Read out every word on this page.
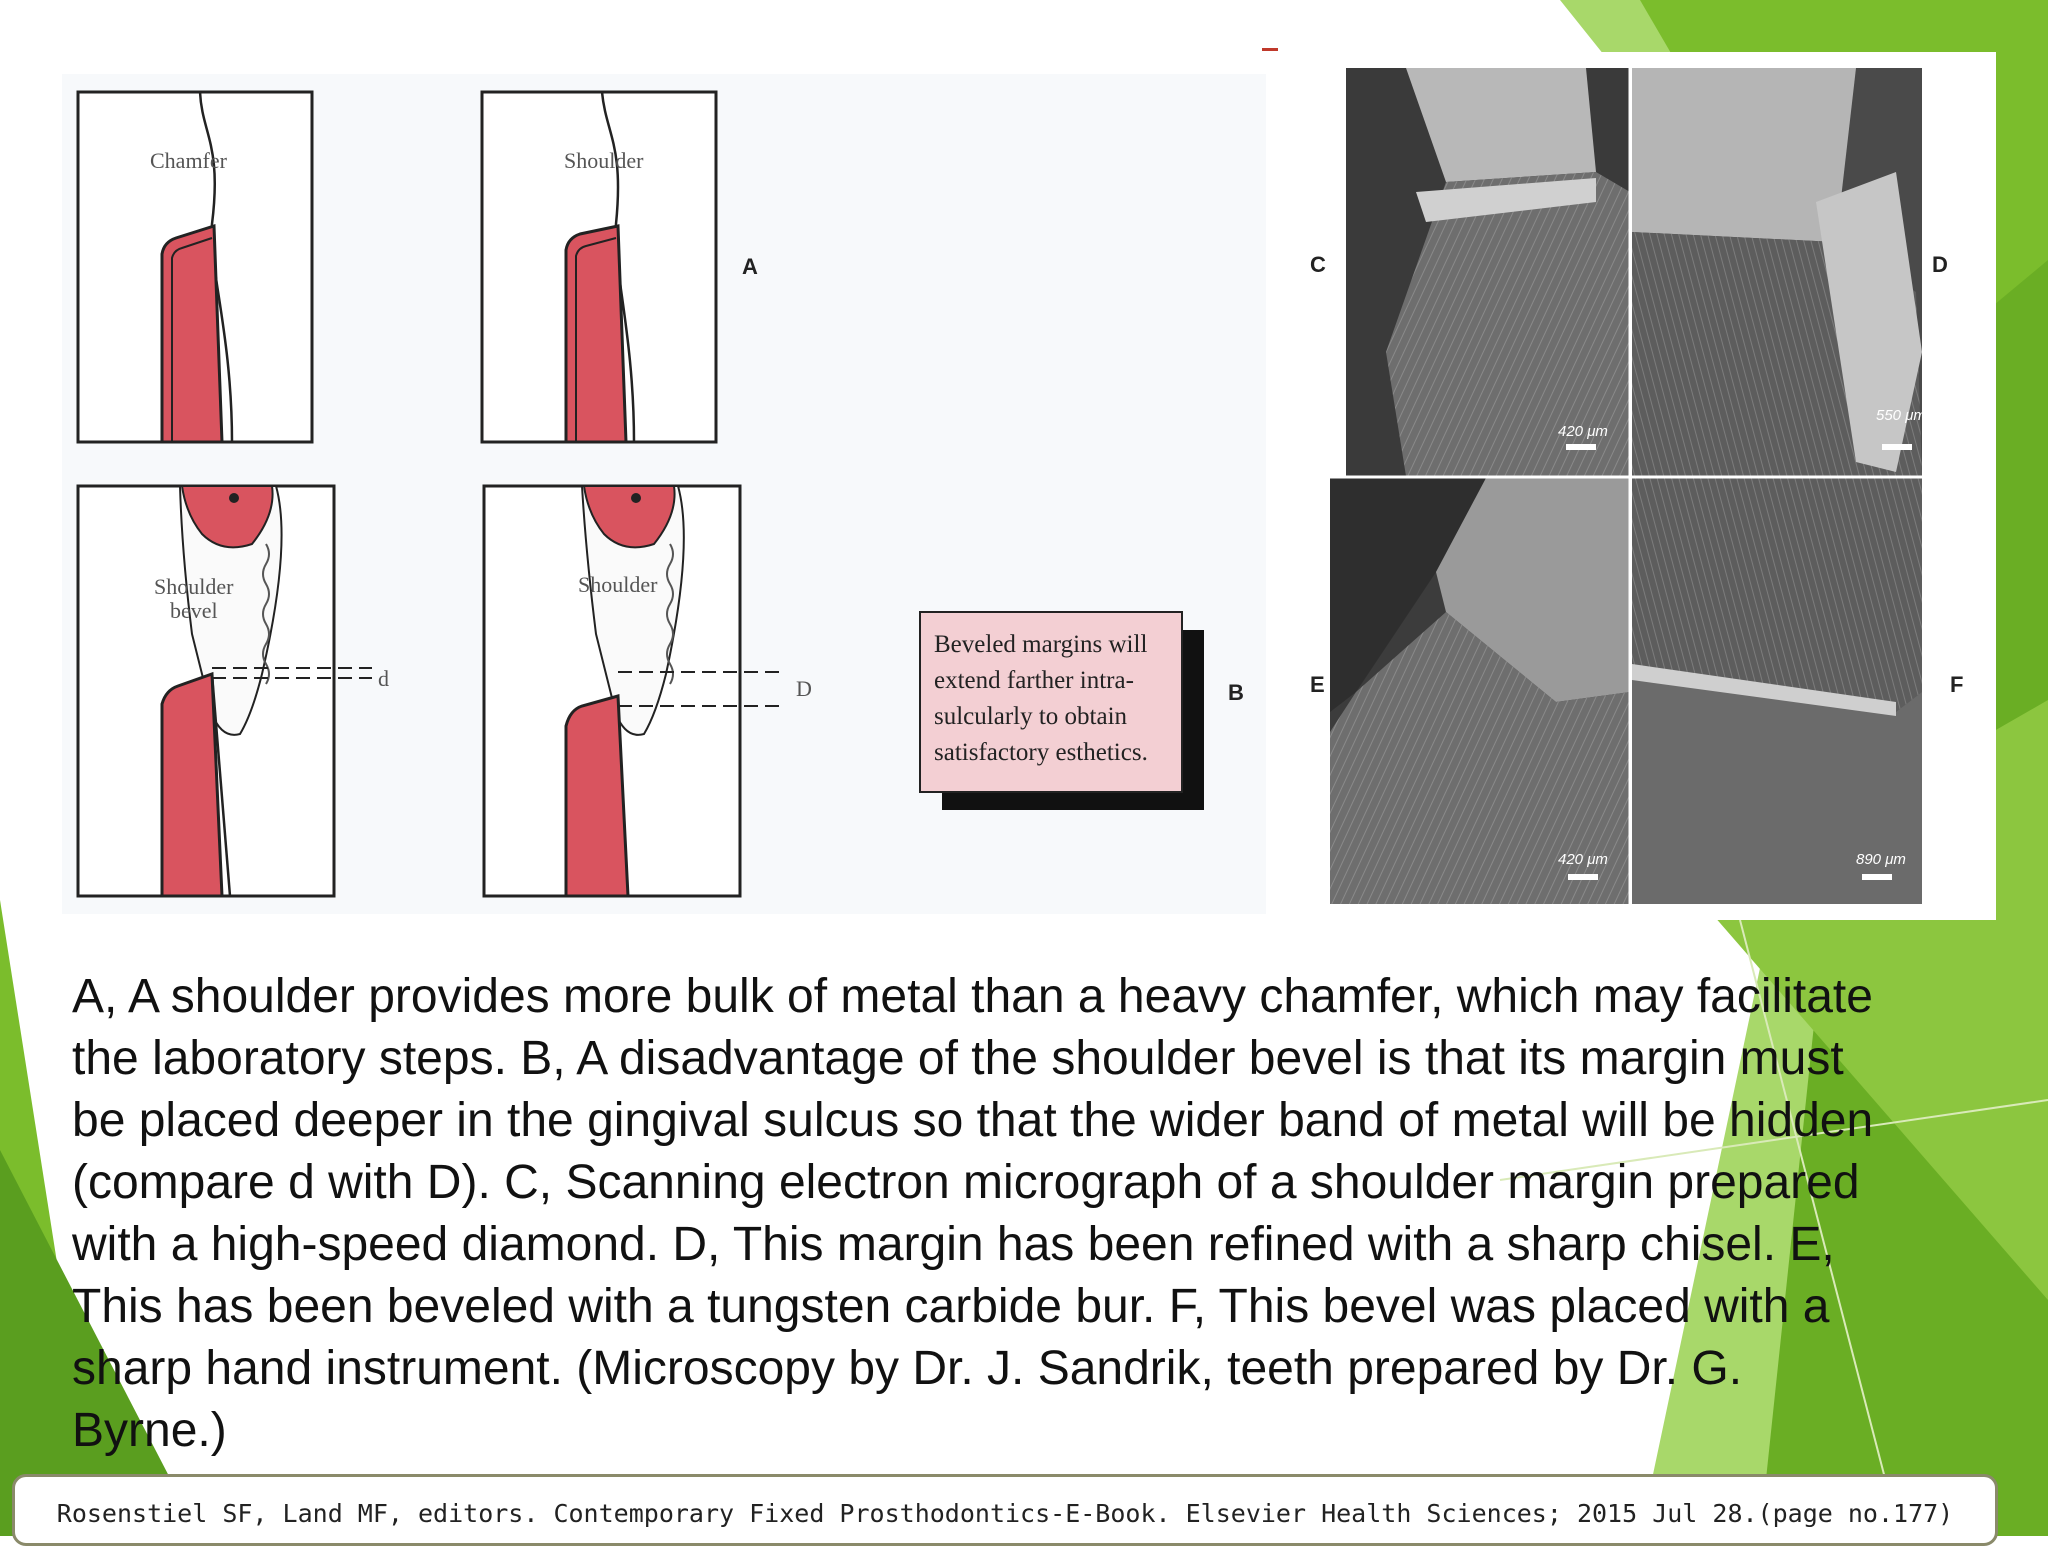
Chamfer	Shoulder
A
Shoulder
bevel
d
Shoulder
D
Beveled margins will
extend farther intra-
sulcularly to obtain
satisfactory esthetics.
B
420 μm
550 μm
420 μm	890 μm
C	D
E	F

A, A shoulder provides more bulk of metal than a heavy chamfer, which may facilitate the laboratory steps. B, A disadvantage of the shoulder bevel is that its margin must be placed deeper in the gingival sulcus so that the wider band of metal will be hidden (compare d with D). C, Scanning electron micrograph of a shoulder margin prepared with a high-speed diamond. D, This margin has been refined with a sharp chisel. E, This has been beveled with a tungsten carbide bur. F, This bevel was placed with a sharp hand instrument. (Microscopy by Dr. J. Sandrik, teeth prepared by Dr. G. Byrne.)

Rosenstiel SF, Land MF, editors. Contemporary Fixed Prosthodontics-E-Book. Elsevier Health Sciences; 2015 Jul 28.(page no.177)
